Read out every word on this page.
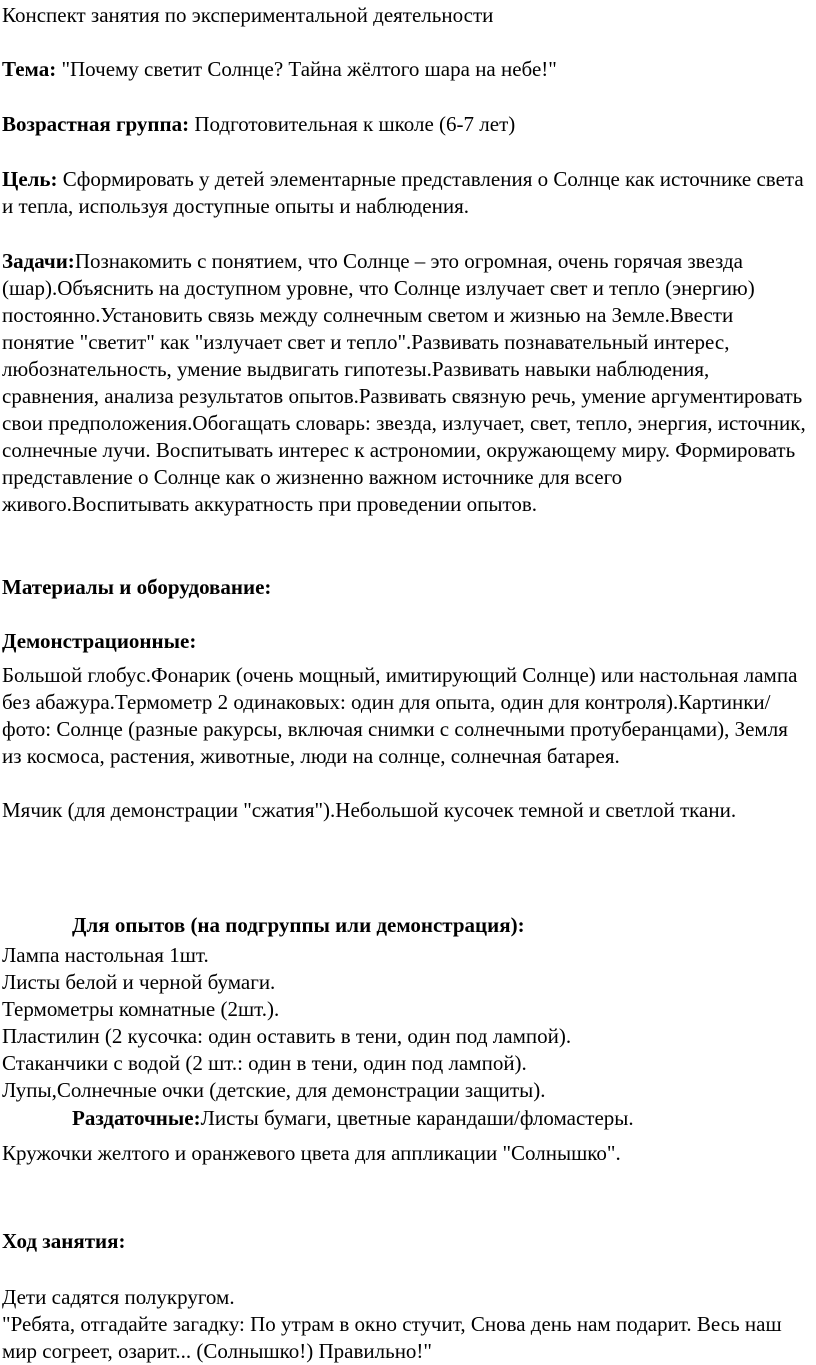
Конспект занятия по экспериментальной деятельности

Тема: "Почему светит Солнце? Тайна жёлтого шара на небе!"

Возрастная группа: Подготовительная к школе (6-7 лет)

Цель: Сформировать у детей элементарные представления о Солнце как источнике света и тепла, используя доступные опыты и наблюдения.

Задачи:Познакомить с понятием, что Солнце – это огромная, очень горячая звезда (шар).Объяснить на доступном уровне, что Солнце излучает свет и тепло (энергию) постоянно.Установить связь между солнечным светом и жизнью на Земле.Ввести понятие "светит" как "излучает свет и тепло".Развивать познавательный интерес, любознательность, умение выдвигать гипотезы.Развивать навыки наблюдения, сравнения, анализа результатов опытов.Развивать связную речь, умение аргументировать свои предположения.Обогащать словарь: звезда, излучает, свет, тепло, энергия, источник, солнечные лучи. Воспитывать интерес к астрономии, окружающему миру. Формировать представление о Солнце как о жизненно важном источнике для всего живого.Воспитывать аккуратность при проведении опытов.

Материалы и оборудование:

Демонстрационные:

Большой глобус.Фонарик (очень мощный, имитирующий Солнце) или настольная лампа без абажура.Термометр 2 одинаковых: один для опыта, один для контроля).Картинки/фото: Солнце (разные ракурсы, включая снимки с солнечными протуберанцами), Земля из космоса, растения, животные, люди на солнце, солнечная батарея.

Мячик (для демонстрации "сжатия").Небольшой кусочек темной и светлой ткани.

Для опытов (на подгруппы или демонстрация):

Лампа настольная 1шт.

Листы белой и черной бумаги.

Термометры комнатные (2шт.).

Пластилин (2 кусочка: один оставить в тени, один под лампой).

Стаканчики с водой (2 шт.: один в тени, один под лампой).

Лупы,Солнечные очки (детские, для демонстрации защиты).

Раздаточные:Листы бумаги, цветные карандаши/фломастеры.

Кружочки желтого и оранжевого цвета для аппликации "Солнышко".

Ход занятия:

Дети садятся полукругом.

"Ребята, отгадайте загадку: По утрам в окно стучит, Снова день нам подарит. Весь наш мир согреет, озарит... (Солнышко!) Правильно!"
